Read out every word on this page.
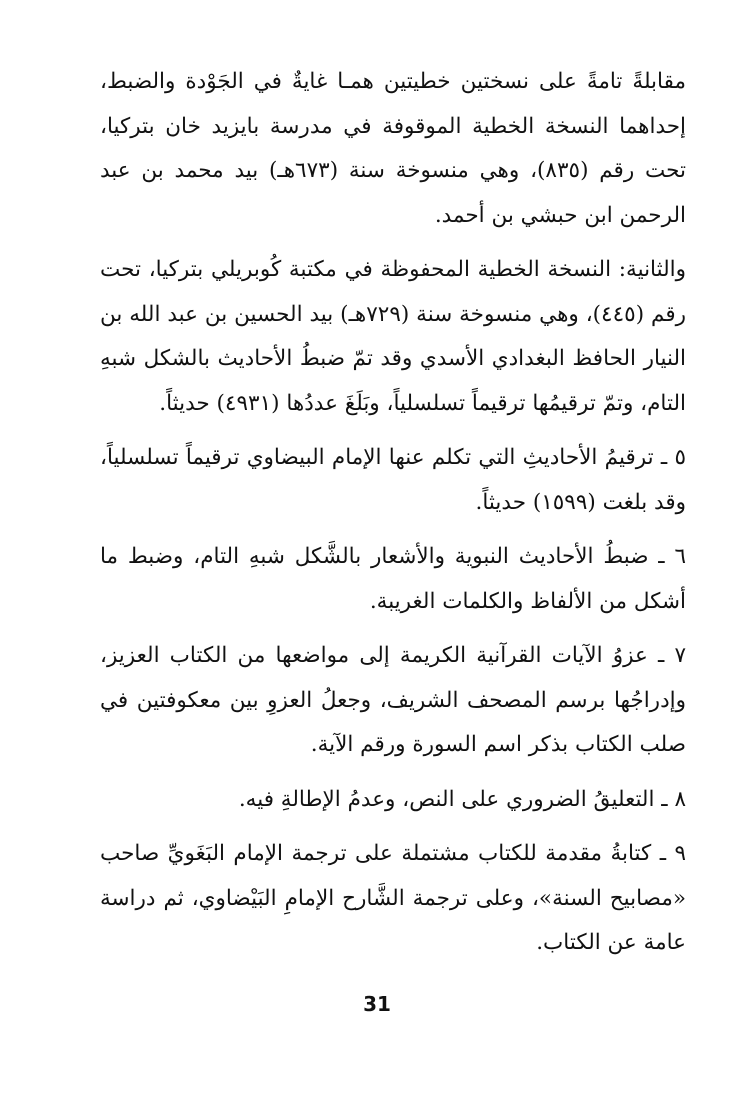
مقابلةً تامةً على نسختين خطيتين همـا غايةٌ في الجَوْدة والضبط، إحداهما النسخة الخطية الموقوفة في مدرسة بايزيد خان بتركيا، تحت رقم (٨٣٥)، وهي منسوخة سنة (٦٧٣هـ) بيد محمد بن عبد الرحمن ابن حبشي بن أحمد.

والثانية: النسخة الخطية المحفوظة في مكتبة كُوبريلي بتركيا، تحت رقم (٤٤٥)، وهي منسوخة سنة (٧٢٩هـ) بيد الحسين بن عبد الله بن النيار الحافظ البغدادي الأسدي وقد تمّ ضبطُ الأحاديث بالشكل شبهِ التام، وتمّ ترقيمُها ترقيماً تسلسلياً، وبَلَغَ عددُها (٤٩٣١) حديثاً.

٥ ـ ترقيمُ الأحاديثِ التي تكلم عنها الإمام البيضاوي ترقيماً تسلسلياً، وقد بلغت (١٥٩٩) حديثاً.

٦ ـ ضبطُ الأحاديث النبوية والأشعار بالشَّكل شبهِ التام، وضبط ما أشكل من الألفاظ والكلمات الغريبة.

٧ ـ عزوُ الآيات القرآنية الكريمة إلى مواضعها من الكتاب العزيز، وإدراجُها برسم المصحف الشريف، وجعلُ العزوِ بين معكوفتين في صلب الكتاب بذكر اسم السورة ورقم الآية.

٨ ـ التعليقُ الضروري على النص، وعدمُ الإطالةِ فيه.

٩ ـ كتابةُ مقدمة للكتاب مشتملة على ترجمة الإمام البَغَويِّ صاحب «مصابيح السنة»، وعلى ترجمة الشَّارح الإمامِ البَيْضاوي، ثم دراسة عامة عن الكتاب.

31
